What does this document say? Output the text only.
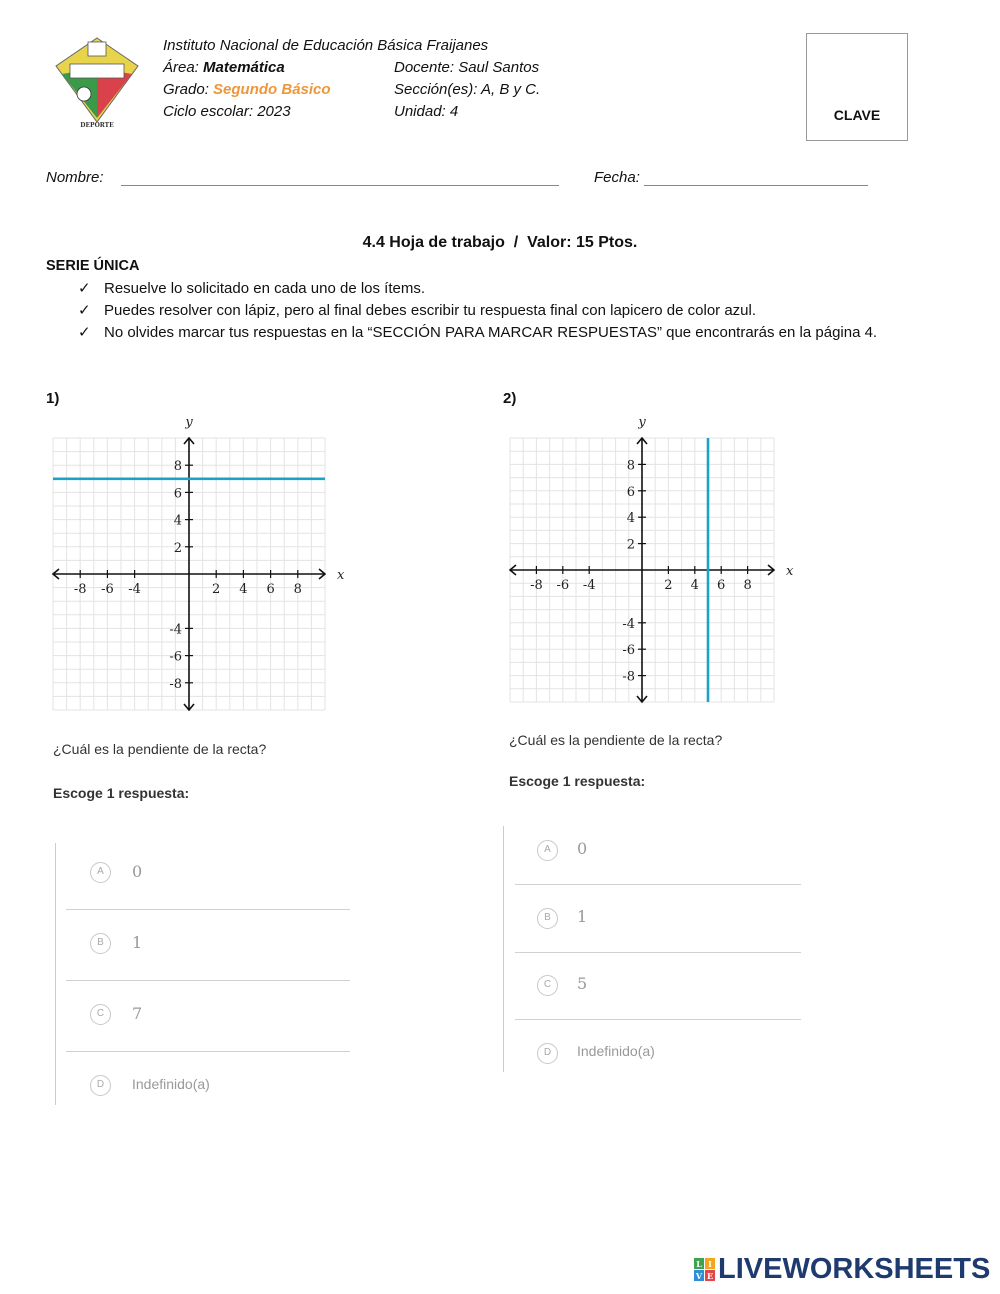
DEPORTE
Instituto Nacional de Educación Básica Fraijanes
Área: Matemática
Grado: Segundo Básico
Ciclo escolar: 2023
Docente: Saul Santos
Sección(es): A, B y C.
Unidad: 4	CLAVE
Nombre:	Fecha:
4.4 Hoja de trabajo  /  Valor: 15 Ptos.
SERIE ÚNICA
✓ Resuelve lo solicitado en cada uno de los ítems.
✓ Puedes resolver con lápiz, pero al final debes escribir tu respuesta final con lapicero de color azul.
✓ No olvides marcar tus respuestas en la “SECCIÓN PARA MARCAR RESPUESTAS” que encontrarás en la página 4.
1)
-8 -6 -4	2 4 6 8
8
6
4
2
-4
-6
-8
x
y
¿Cuál es la pendiente de la recta?
Escoge 1 respuesta:
A	0
B	1
C	7
D	Indefinido(a)
2)
-8 -6 -4	2 4 6 8
8
6
4
2
-4
-6
-8
x
y
¿Cuál es la pendiente de la recta?
Escoge 1 respuesta:
A	0
B	1
C	5
D	Indefinido(a)
L I
V E LIVEWORKSHEETS
